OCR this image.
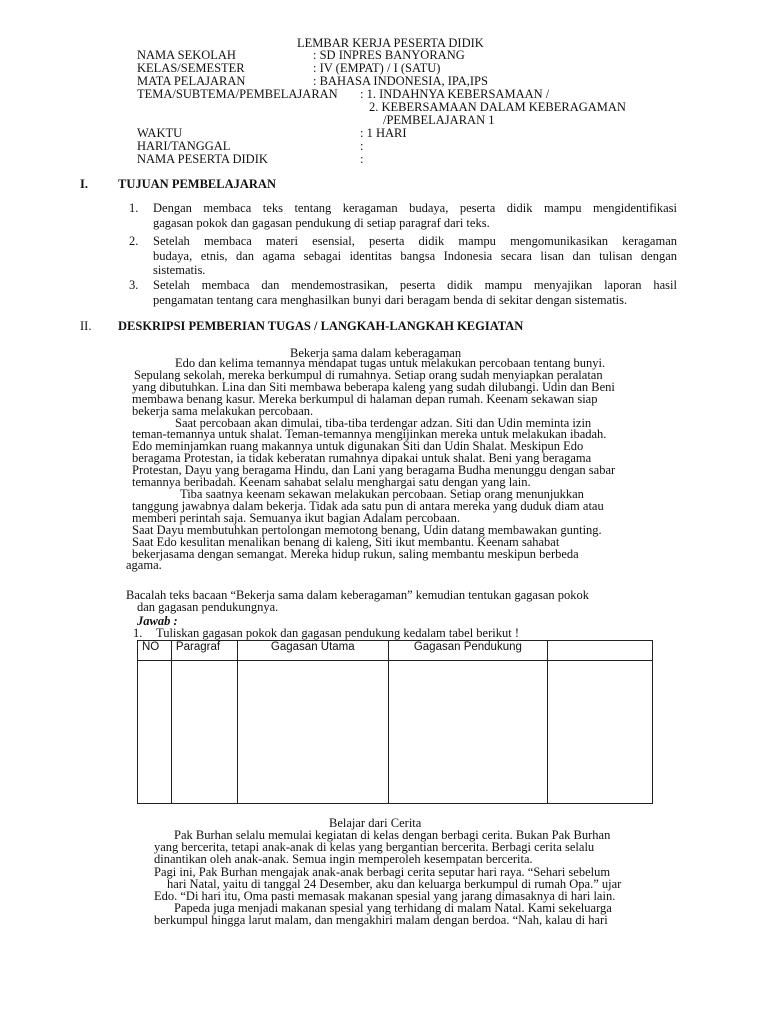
LEMBAR KERJA PESERTA DIDIK
NAMA SEKOLAH	: SD INPRES BANYORANG
KELAS/SEMESTER	: IV (EMPAT) / I (SATU)
MATA PELAJARAN	: BAHASA INDONESIA, IPA,IPS
TEMA/SUBTEMA/PEMBELAJARAN : 1. INDAHNYA KEBERSAMAAN /
2. KEBERSAMAAN DALAM KEBERAGAMAN
/PEMBELAJARAN 1
WAKTU	: 1 HARI
HARI/TANGGAL	:
NAMA PESERTA DIDIK	:
I. TUJUAN PEMBELAJARAN
1. Dengan membaca teks tentang keragaman budaya, peserta didik mampu mengidentifikasi
gagasan pokok dan gagasan pendukung di setiap paragraf dari teks.
2. Setelah membaca materi esensial, peserta didik mampu mengomunikasikan keragaman
budaya, etnis, dan agama sebagai identitas bangsa Indonesia secara lisan dan tulisan dengan
sistematis.
3. Setelah membaca dan mendemostrasikan, peserta didik mampu menyajikan laporan hasil
pengamatan tentang cara menghasilkan bunyi dari beragam benda di sekitar dengan sistematis.
II. DESKRIPSI PEMBERIAN TUGAS / LANGKAH-LANGKAH KEGIATAN
Bekerja sama dalam keberagaman
Edo dan kelima temannya mendapat tugas untuk melakukan percobaan tentang bunyi.
Sepulang sekolah, mereka berkumpul di rumahnya. Setiap orang sudah menyiapkan peralatan
yang dibutuhkan. Lina dan Siti membawa beberapa kaleng yang sudah dilubangi. Udin dan Beni
membawa benang kasur. Mereka berkumpul di halaman depan rumah. Keenam sekawan siap
bekerja sama melakukan percobaan.
Saat percobaan akan dimulai, tiba-tiba terdengar adzan. Siti dan Udin meminta izin
teman-temannya untuk shalat. Teman-temannya mengijinkan mereka untuk melakukan ibadah.
Edo meminjamkan ruang makannya untuk digunakan Siti dan Udin Shalat. Meskipun Edo
beragama Protestan, ia tidak keberatan rumahnya dipakai untuk shalat. Beni yang beragama
Protestan, Dayu yang beragama Hindu, dan Lani yang beragama Budha menunggu dengan sabar
temannya beribadah. Keenam sahabat selalu menghargai satu dengan yang lain.
Tiba saatnya keenam sekawan melakukan percobaan. Setiap orang menunjukkan
tanggung jawabnya dalam bekerja. Tidak ada satu pun di antara mereka yang duduk diam atau
memberi perintah saja. Semuanya ikut bagian Adalam percobaan.
Saat Dayu membutuhkan pertolongan memotong benang, Udin datang membawakan gunting.
Saat Edo kesulitan menalikan benang di kaleng, Siti ikut membantu. Keenam sahabat
bekerjasama dengan semangat. Mereka hidup rukun, saling membantu meskipun berbeda
agama.
Bacalah teks bacaan “Bekerja sama dalam keberagaman” kemudian tentukan gagasan pokok
dan gagasan pendukungnya.
Jawab :
1. Tuliskan gagasan pokok dan gagasan pendukung kedalam tabel berikut !
NO	Paragraf	Gagasan Utama	Gagasan Pendukung	

Belajar dari Cerita
Pak Burhan selalu memulai kegiatan di kelas dengan berbagi cerita. Bukan Pak Burhan
yang bercerita, tetapi anak-anak di kelas yang bergantian bercerita. Berbagi cerita selalu
dinantikan oleh anak-anak. Semua ingin memperoleh kesempatan bercerita.
Pagi ini, Pak Burhan mengajak anak-anak berbagi cerita seputar hari raya. “Sehari sebelum
hari Natal, yaitu di tanggal 24 Desember, aku dan keluarga berkumpul di rumah Opa.” ujar
Edo. “Di hari itu, Oma pasti memasak makanan spesial yang jarang dimasaknya di hari lain.
Papeda juga menjadi makanan spesial yang terhidang di malam Natal. Kami sekeluarga
berkumpul hingga larut malam, dan mengakhiri malam dengan berdoa. “Nah, kalau di hari
